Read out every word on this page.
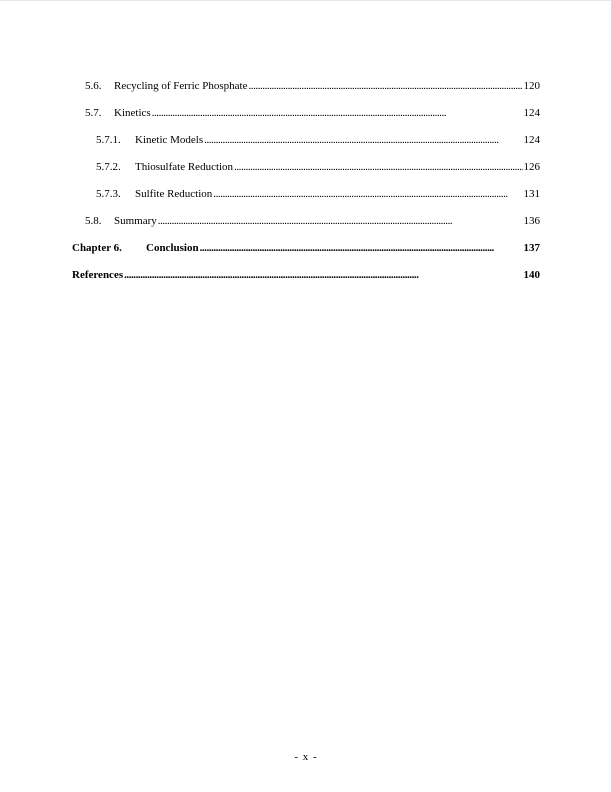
5.6.	Recycling of Ferric Phosphate . . .	120
5.7.	Kinetics . . .	124
5.7.1.	Kinetic Models . . .	124
5.7.2.	Thiosulfate Reduction . . .	126
5.7.3.	Sulfite Reduction . . .	131
5.8.	Summary . . .	136
Chapter 6.	Conclusion . . .	137
References . . .	140
- x -
